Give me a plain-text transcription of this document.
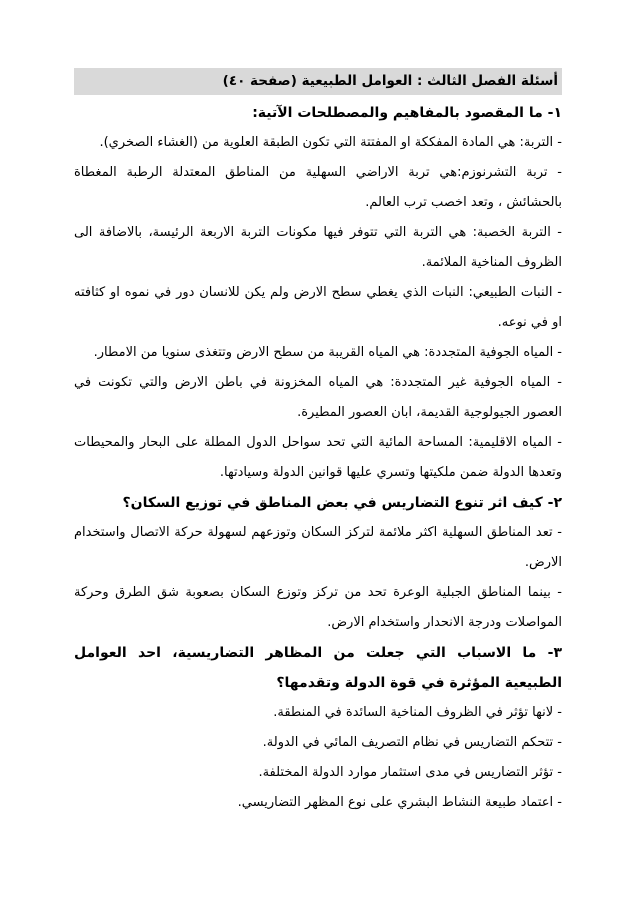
أسئلة الفصل الثالث : العوامل الطبيعية (صفحة ٤٠)
١- ما المقصود بالمفاهيم والمصطلحات الآتية:
- التربة: هي المادة المفككة او المفتتة التي تكون الطبقة العلوية من (الغشاء الصخري).
- تربة التشرنوزم:هي تربة الاراضي السهلية من المناطق المعتدلة الرطبة المغطاة بالحشائش ، وتعد اخصب ترب العالم.
- التربة الخصبة: هي التربة التي تتوفر فيها مكونات التربة الاربعة الرئيسة، بالاضافة الى الظروف المناخية الملائمة.
- النبات الطبيعي: النبات الذي يغطي سطح الارض ولم يكن للانسان دور في نموه او كثافته او في نوعه.
- المياه الجوفية المتجددة: هي المياه القريبة من سطح الارض وتتغذى سنويا من الامطار.
- المياه الجوفية غير المتجددة: هي المياه المخزونة في باطن الارض والتي تكونت في العصور الجيولوجية القديمة، ابان العصور المطيرة.
- المياه الاقليمية: المساحة المائية التي تحد سواحل الدول المطلة على البحار والمحيطات وتعدها الدولة ضمن ملكيتها وتسري عليها قوانين الدولة وسيادتها.
٢- كيف اثر تنوع التضاريس في بعض المناطق في توزيع السكان؟
- تعد المناطق السهلية اكثر ملائمة لتركز السكان وتوزعهم لسهولة حركة الاتصال واستخدام الارض.
- بينما المناطق الجبلية الوعرة تحد من تركز وتوزع السكان بصعوبة شق الطرق وحركة المواصلات ودرجة الانحدار واستخدام الارض.
٣- ما الاسباب التي جعلت من المظاهر التضاريسية، احد العوامل الطبيعية المؤثرة في قوة الدولة وتقدمها؟
- لانها تؤثر في الظروف المناخية السائدة في المنطقة.
- تتحكم التضاريس في نظام التصريف المائي في الدولة.
- تؤثر التضاريس في مدى استثمار موارد الدولة المختلفة.
- اعتماد طبيعة النشاط البشري على نوع المظهر التضاريسي.
